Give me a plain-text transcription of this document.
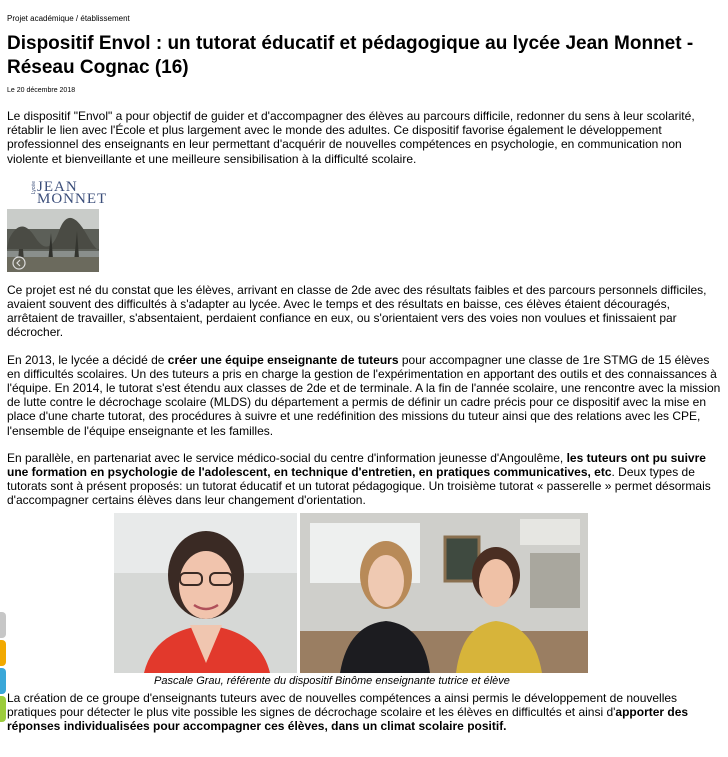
Projet académique / établissement
Dispositif Envol : un tutorat éducatif et pédagogique au lycée Jean Monnet - Réseau Cognac (16)
Le 20 décembre 2018

Le dispositif "Envol" a pour objectif de guider et d'accompagner des élèves au parcours difficile, redonner du sens à leur scolarité, rétablir le lien avec l'École et plus largement avec le monde des adultes. Ce dispositif favorise également le développement professionnel des enseignants en leur permettant d'acquérir de nouvelles compétences en psychologie, en communication non violente et bienveillante et une meilleure sensibilisation à la difficulté scolaire.

Lycée JEAN
MONNET

Ce projet est né du constat que les élèves, arrivant en classe de 2de avec des résultats faibles et des parcours personnels difficiles, avaient souvent des difficultés à s'adapter au lycée. Avec le temps et des résultats en baisse, ces élèves étaient découragés, arrêtaient de travailler, s'absentaient, perdaient confiance en eux, ou s'orientaient vers des voies non voulues et finissaient par décrocher.

En 2013, le lycée a décidé de créer une équipe enseignante de tuteurs pour accompagner une classe de 1re STMG de 15 élèves en difficultés scolaires. Un des tuteurs a pris en charge la gestion de l'expérimentation en apportant des outils et des connaissances à l'équipe. En 2014, le tutorat s'est étendu aux classes de 2de et de terminale. A la fin de l'année scolaire, une rencontre avec la mission de lutte contre le décrochage scolaire (MLDS) du département a permis de définir un cadre précis pour ce dispositif avec la mise en place d'une charte tutorat, des procédures à suivre et une redéfinition des missions du tuteur ainsi que des relations avec les CPE, l'ensemble de l'équipe enseignante et les familles.

En parallèle, en partenariat avec le service médico-social du centre d'information jeunesse d'Angoulême, les tuteurs ont pu suivre une formation en psychologie de l'adolescent, en technique d'entretien, en pratiques communicatives, etc. Deux types de tutorats sont à présent proposés: un tutorat éducatif et un tutorat pédagogique. Un troisième tutorat « passerelle » permet désormais d'accompagner certains élèves dans leur changement d'orientation.

Pascale Grau, référente du dispositif Binôme enseignante tutrice et élève

La création de ce groupe d'enseignants tuteurs avec de nouvelles compétences a ainsi permis le développement de nouvelles pratiques pour détecter le plus vite possible les signes de décrochage scolaire et les élèves en difficultés et ainsi d'apporter des réponses individualisées pour accompagner ces élèves, dans un climat scolaire positif.
